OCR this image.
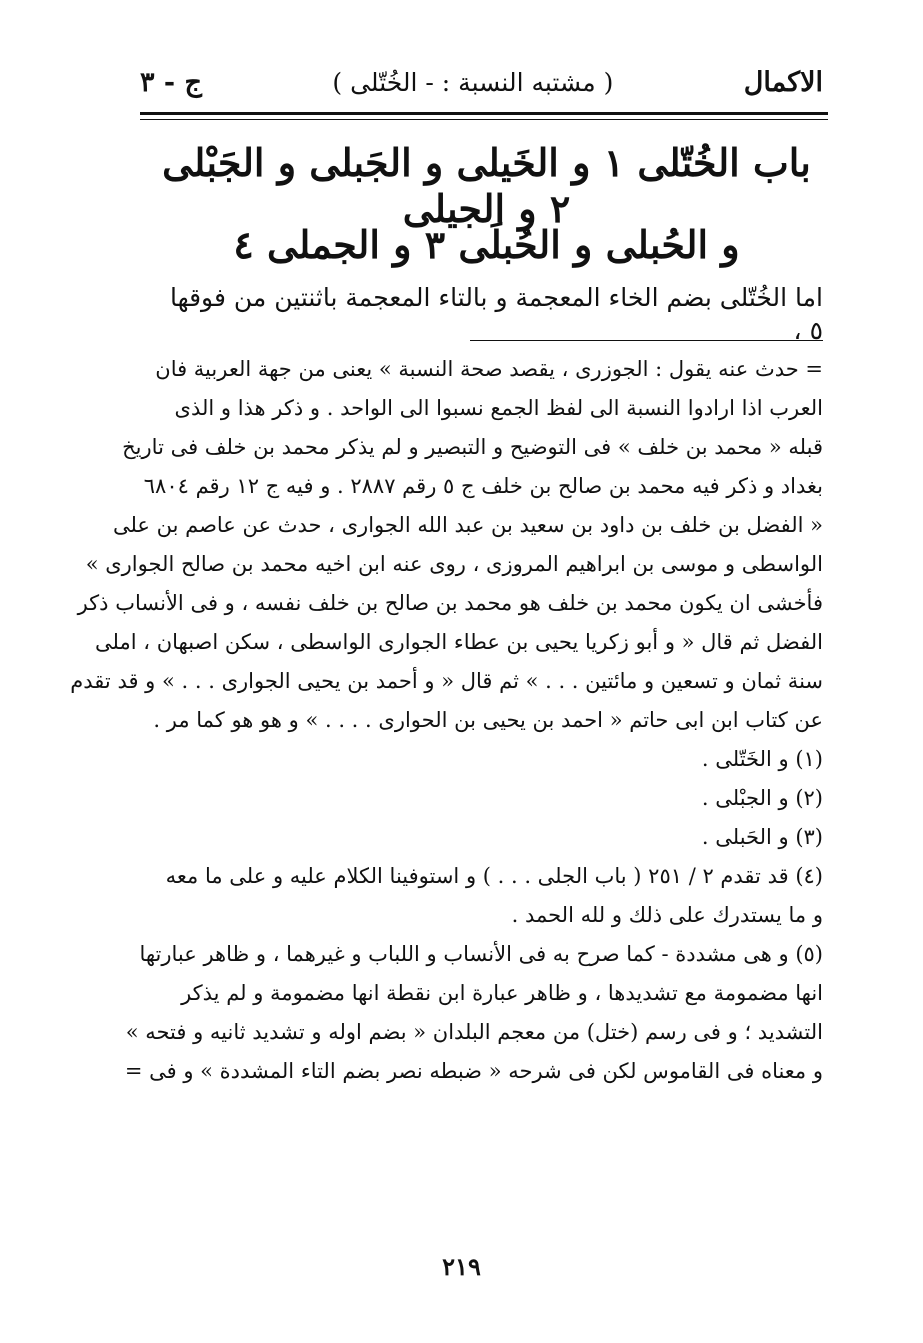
الاكمال
( مشتبه النسبة : - الخُتّلى )
ج - ٣
باب الخُتّلى ۱ و الخَيلى و الجَبلى و الجَبْلى ۲ و الجيلى
و الحُبلى و الحُبلَى ۳ و الجملى ٤
اما الخُتّلى بضم الخاء المعجمة و بالتاء المعجمة باثنتين من فوقها ٥ ،
= حدث عنه يقول : الجوزرى ، يقصد صحة النسبة » يعنى من جهة العربية فان
العرب اذا ارادوا النسبة الى لفظ الجمع نسبوا الى الواحد . و ذكر هذا و الذى
قبله « محمد بن خلف » فى التوضيح و التبصير و لم يذكر محمد بن خلف فى تاريخ
بغداد و ذكر فيه محمد بن صالح بن خلف ج ٥ رقم ٢٨٨٧ . و فيه ج ١٢ رقم ٦٨٠٤
« الفضل بن خلف بن داود بن سعيد بن عبد الله الجوارى ، حدث عن عاصم بن على
الواسطى و موسى بن ابراهيم المروزى ، روى عنه ابن اخيه محمد بن صالح الجوارى »
فأخشى ان يكون محمد بن خلف هو محمد بن صالح بن خلف نفسه ، و فى الأنساب ذكر
الفضل ثم قال « و أبو زكريا يحيى بن عطاء الجوارى الواسطى ، سكن اصبهان ، املى
سنة ثمان و تسعين و مائتين . . . » ثم قال « و أحمد بن يحيى الجوارى . . . » و قد تقدم
عن كتاب ابن ابى حاتم « احمد بن يحيى بن الحوارى . . . . » و هو هو كما مر .
(١) و الخَتّلى .
(٢) و الجبْلى .
(٣) و الحَبلى .
(٤) قد تقدم ٢ / ٢٥١ ( باب الجلى . . . ) و استوفينا الكلام عليه و على ما معه
و ما يستدرك على ذلك و لله الحمد .
(٥) و هى مشددة - كما صرح به فى الأنساب و اللباب و غيرهما ، و ظاهر عبارتها
انها مضمومة مع تشديدها ، و ظاهر عبارة ابن نقطة انها مضمومة و لم يذكر
التشديد ؛ و فى رسم (ختل) من معجم البلدان « بضم اوله و تشديد ثانيه و فتحه »
و معناه فى القاموس لكن فى شرحه « ضبطه نصر بضم التاء المشددة » و فى =
٢١٩
